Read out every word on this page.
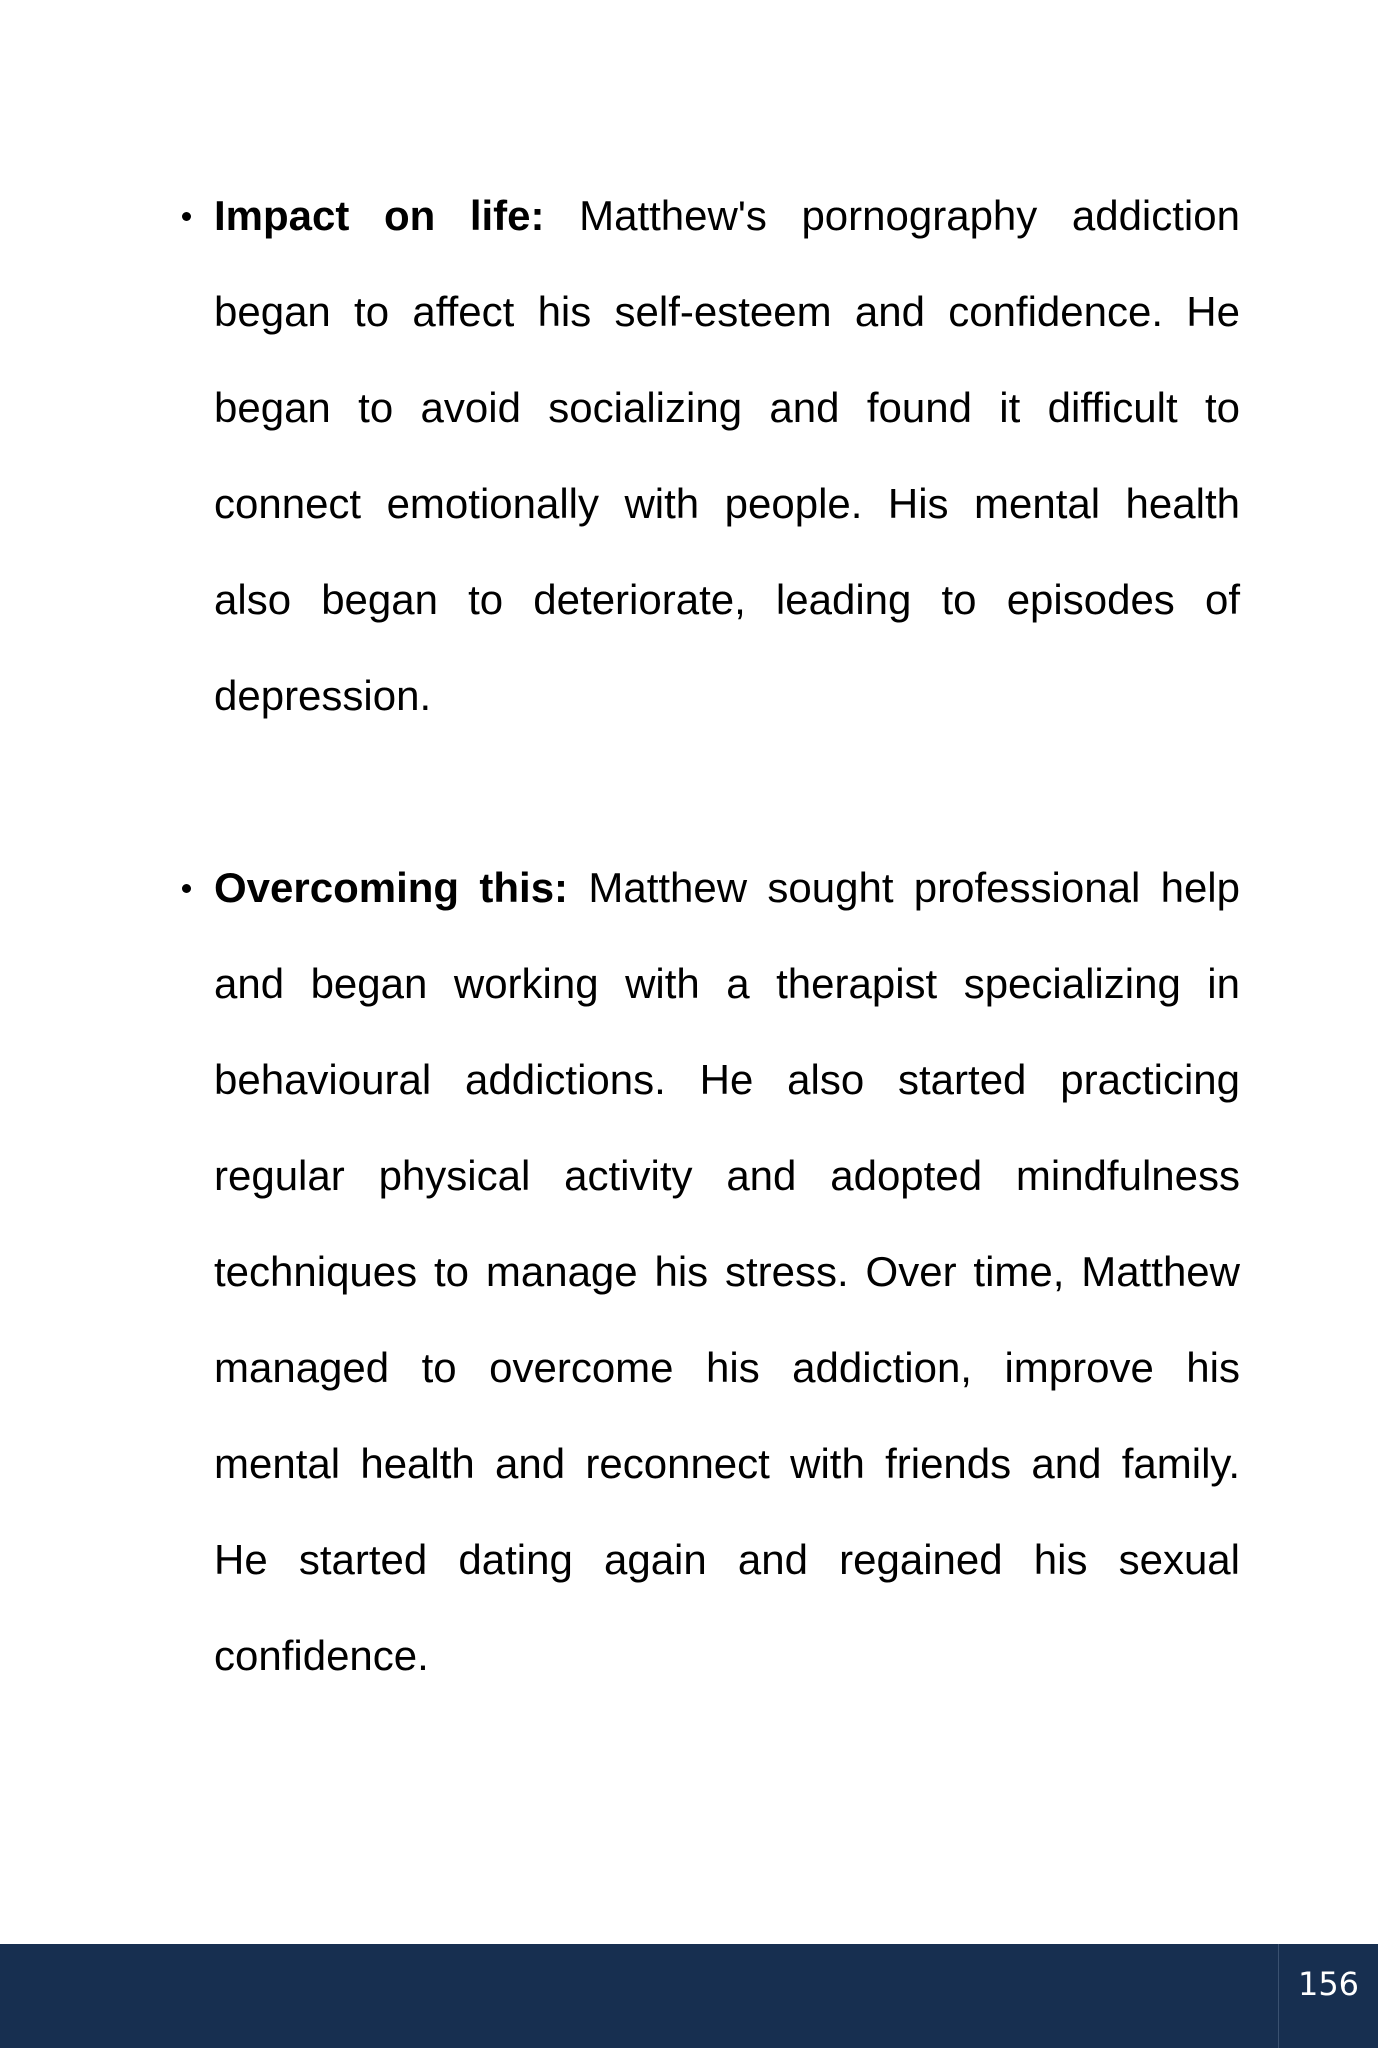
Impact on life: Matthew's pornography addiction began to affect his self-esteem and confidence. He began to avoid socializing and found it difficult to connect emotionally with people. His mental health also began to deteriorate, leading to episodes of depression.
Overcoming this: Matthew sought professional help and began working with a therapist specializing in behavioural addictions. He also started practicing regular physical activity and adopted mindfulness techniques to manage his stress. Over time, Matthew managed to overcome his addiction, improve his mental health and reconnect with friends and family. He started dating again and regained his sexual confidence.
156
